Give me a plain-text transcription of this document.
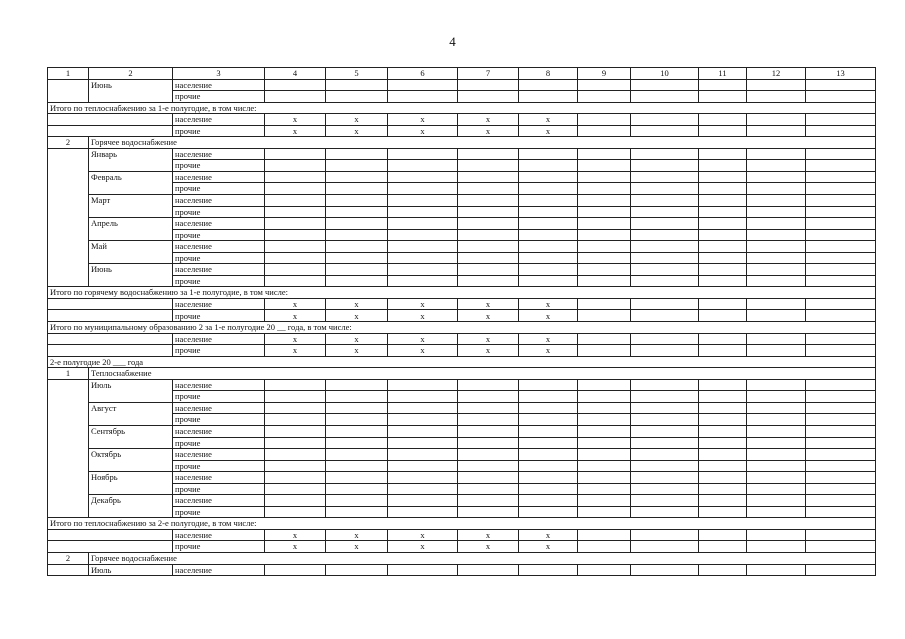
4
1	2	3	4	5	6	7	8	9	10	11	12	13
	Июнь	население										
		прочие										
Итого по теплоснабжению за 1-е полугодие, в том числе:												
		население	x	x	x	x	x					
		прочие	x	x	x	x	x					
2	Горячее водоснабжение											
	Январь	население										
		прочие										
	Февраль	население										
		прочие										
	Март	население										
		прочие										
	Апрель	население										
		прочие										
	Май	население										
		прочие										
	Июнь	население										
		прочие										
Итого по горячему водоснабжению за 1-е полугодие, в том числе:												
		население	x	x	x	x	x					
		прочие	x	x	x	x	x					
Итого по муниципальному образованию 2 за 1-е полугодие 20 __ года, в том числе:												
		население	x	x	x	x	x					
		прочие	x	x	x	x	x					
2-е полугодие 20 ___ года												
1	Теплоснабжение											
	Июль	население										
		прочие										
	Август	население										
		прочие										
	Сентябрь	население										
		прочие										
	Октябрь	население										
		прочие										
	Ноябрь	население										
		прочие										
	Декабрь	население										
		прочие										
Итого по теплоснабжению за 2-е полугодие, в том числе:												
		население	x	x	x	x	x					
		прочие	x	x	x	x	x					
2	Горячее водоснабжение											
	Июль	население										
